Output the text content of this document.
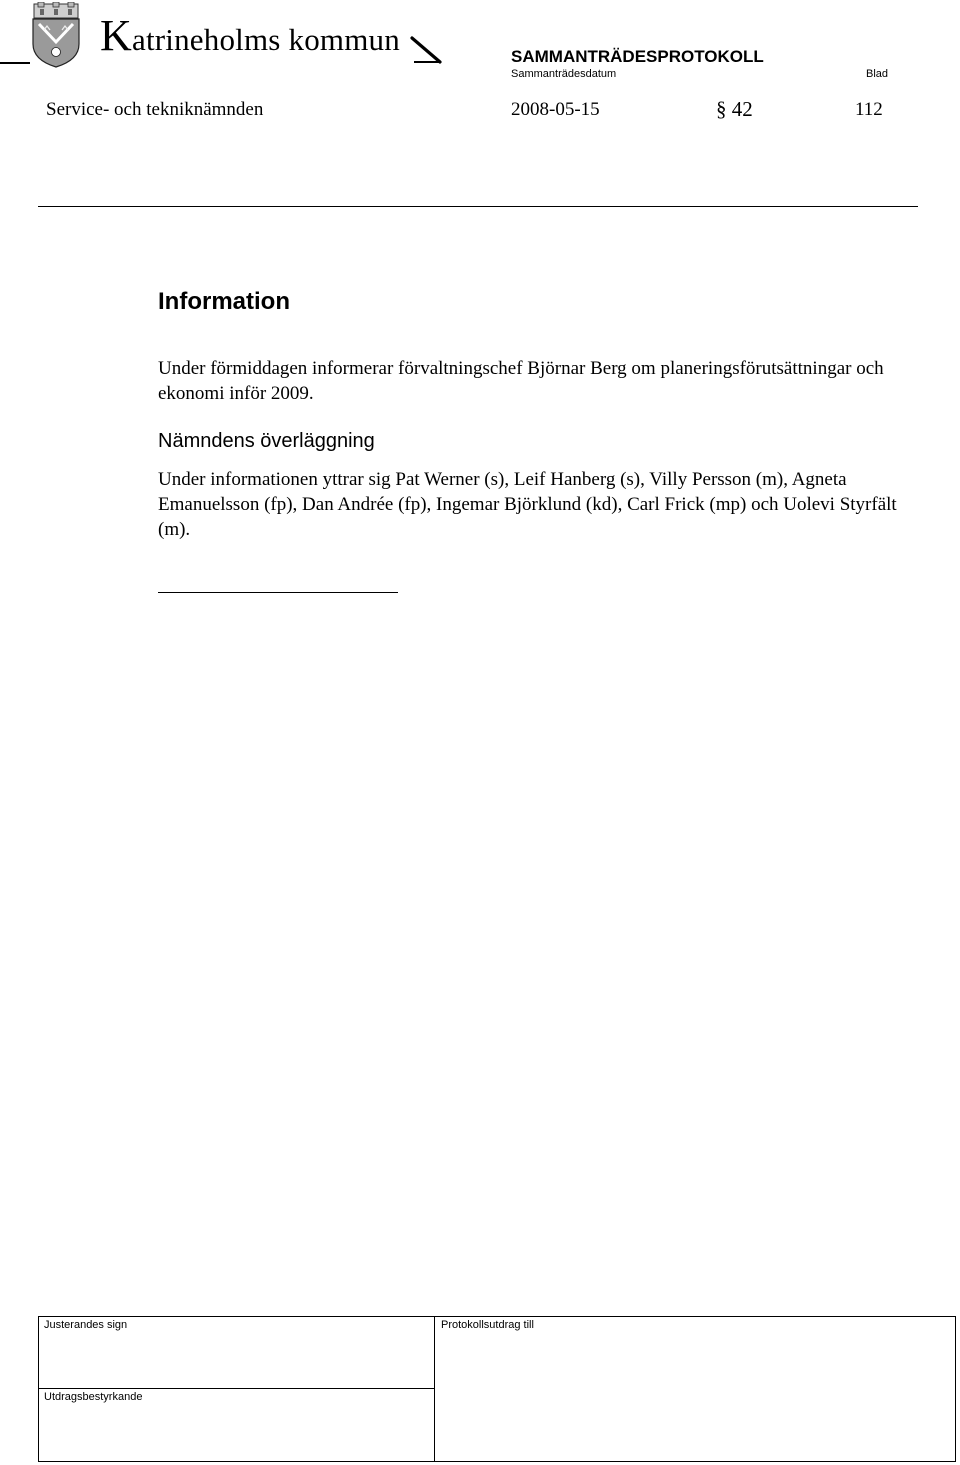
Katrineholms kommun	SAMMANTRÄDESPROTOKOLL
Sammanträdesdatum	Blad
Service- och tekniknämnden	2008-05-15	§ 42	112
Information

Under förmiddagen informerar förvaltningschef Björnar Berg om planeringsförutsättningar och ekonomi inför 2009.

Nämndens överläggning

Under informationen yttrar sig Pat Werner (s), Leif Hanberg (s), Villy Persson (m), Agneta Emanuelsson (fp), Dan Andrée (fp), Ingemar Björklund (kd), Carl Frick (mp) och Uolevi Styrfält (m).

Justerandes sign	Protokollsutdrag till
Utdragsbestyrkande
